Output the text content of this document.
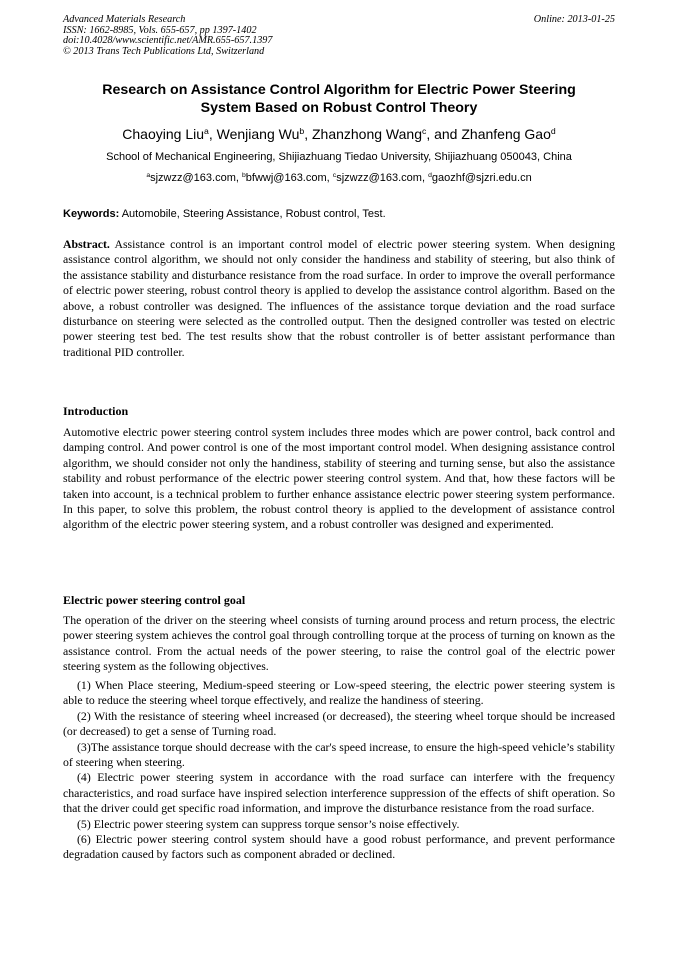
Advanced Materials Research
ISSN: 1662-8985, Vols. 655-657, pp 1397-1402
doi:10.4028/www.scientific.net/AMR.655-657.1397
© 2013 Trans Tech Publications Ltd, Switzerland
Online: 2013-01-25
Research on Assistance Control Algorithm for Electric Power Steering
System Based on Robust Control Theory
Chaoying Liu$^a$, Wenjiang Wu$^b$, Zhanzhong Wang$^c$, and Zhanfeng Gao$^d$
School of Mechanical Engineering, Shijiazhuang Tiedao University, Shijiazhuang 050043, China
$^a$sjzwzz@163.com, $^b$bfwwj@163.com, $^c$sjzwzz@163.com, $^d$gaozhf@sjzri.edu.cn
Keywords: Automobile, Steering Assistance, Robust control, Test.
Abstract. Assistance control is an important control model of electric power steering system. When designing assistance control algorithm, we should not only consider the handiness and stability of steering, but also think of the assistance stability and disturbance resistance from the road surface. In order to improve the overall performance of electric power steering, robust control theory is applied to develop the assistance control algorithm. Based on the above, a robust controller was designed. The influences of the assistance torque deviation and the road surface disturbance on steering were selected as the controlled output. Then the designed controller was tested on electric power steering test bed. The test results show that the robust controller is of better assistant performance than traditional PID controller.
Introduction
Automotive electric power steering control system includes three modes which are power control, back control and damping control. And power control is one of the most important control model. When designing assistance control algorithm, we should consider not only the handiness, stability of steering and turning sense, but also the assistance stability and robust performance of the electric power steering control system. And that, how these factors will be taken into account, is a technical problem to further enhance assistance electric power steering system performance. In this paper, to solve this problem, the robust control theory is applied to the development of assistance control algorithm of the electric power steering system, and a robust controller was designed and experimented.
Electric power steering control goal
The operation of the driver on the steering wheel consists of turning around process and return process, the electric power steering system achieves the control goal through controlling torque at the process of turning on known as the assistance control. From the actual needs of the power steering, to raise the control goal of the electric power steering system as the following objectives.
(1) When Place steering, Medium-speed steering or Low-speed steering, the electric power steering system is able to reduce the steering wheel torque effectively, and realize the handiness of steering.
(2) With the resistance of steering wheel increased (or decreased), the steering wheel torque should be increased (or decreased) to get a sense of Turning road.
(3)The assistance torque should decrease with the car's speed increase, to ensure the high-speed vehicle’s stability of steering when steering.
(4) Electric power steering system in accordance with the road surface can interfere with the frequency characteristics, and road surface have inspired selection interference suppression of the effects of shift operation. So that the driver could get specific road information, and improve the disturbance resistance from the road surface.
(5) Electric power steering system can suppress torque sensor’s noise effectively.
(6) Electric power steering control system should have a good robust performance, and prevent performance degradation caused by factors such as component abraded or declined.
